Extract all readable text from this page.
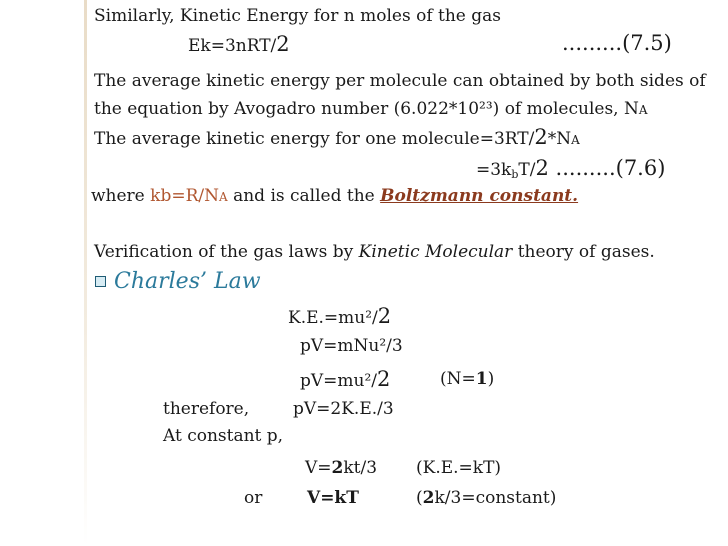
Similarly, Kinetic Energy for n moles of the gas
Ek=3nRT/2	.........(7.5)
The average kinetic energy per molecule can obtained by both sides of
the equation by Avogadro number (6.022*10²³) of molecules, NA
The average kinetic energy for one molecule=3RT/2*NA
$=3k_bT/2$ .........(7.6)
where kb=R/NA and is called the Boltzmann constant.
Verification of the gas laws by Kinetic Molecular theory of gases.
Charles’ Law
K.E.=mu²/2
pV=mNu²/3
pV=mu²/2	(N=1)
therefore,	pV=2K.E./3
At constant p,
V=2kt/3 (K.E.=kT)
or	V=kT	(2k/3=constant)
